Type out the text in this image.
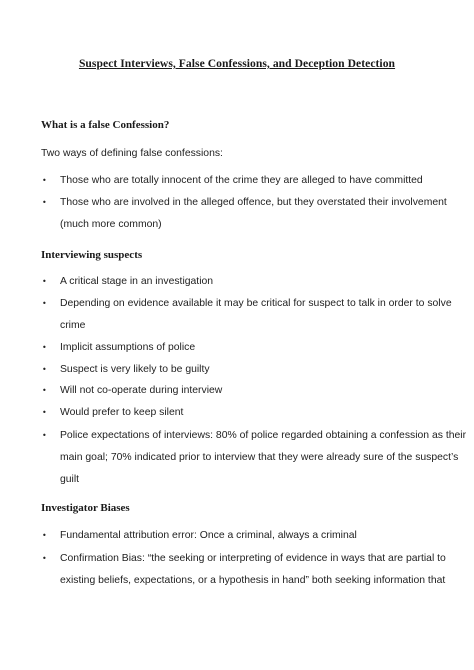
Suspect Interviews, False Confessions, and Deception Detection
What is a false Confession?
Two ways of defining false confessions:
• Those who are totally innocent of the crime they are alleged to have committed
• Those who are involved in the alleged offence, but they overstated their involvement
(much more common)
Interviewing suspects
• A critical stage in an investigation
• Depending on evidence available it may be critical for suspect to talk in order to solve
crime
• Implicit assumptions of police
• Suspect is very likely to be guilty
• Will not co-operate during interview
• Would prefer to keep silent
• Police expectations of interviews: 80% of police regarded obtaining a confession as their
main goal; 70% indicated prior to interview that they were already sure of the suspect’s
guilt
Investigator Biases
• Fundamental attribution error: Once a criminal, always a criminal
• Confirmation Bias: “the seeking or interpreting of evidence in ways that are partial to
existing beliefs, expectations, or a hypothesis in hand” both seeking information that
